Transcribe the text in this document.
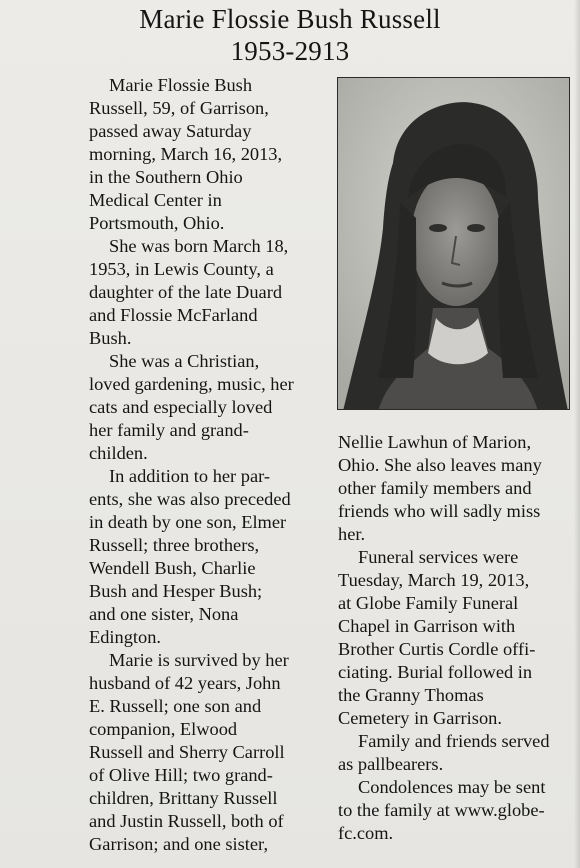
Marie Flossie Bush Russell
1953-2913
Marie Flossie Bush
Russell, 59, of Garrison,
passed away Saturday
morning, March 16, 2013,
in the Southern Ohio
Medical Center in
Portsmouth, Ohio.
She was born March 18,
1953, in Lewis County, a
daughter of the late Duard
and Flossie McFarland
Bush.
She was a Christian,
loved gardening, music, her
cats and especially loved
her family and grand-
childen.
In addition to her par-
ents, she was also preceded
in death by one son, Elmer
Russell; three brothers,
Wendell Bush, Charlie
Bush and Hesper Bush;
and one sister, Nona
Edington.
Marie is survived by her
husband of 42 years, John
E. Russell; one son and
companion, Elwood
Russell and Sherry Carroll
of Olive Hill; two grand-
children, Brittany Russell
and Justin Russell, both of
Garrison; and one sister,
Nellie Lawhun of Marion,
Ohio. She also leaves many
other family members and
friends who will sadly miss
her.
Funeral services were
Tuesday, March 19, 2013,
at Globe Family Funeral
Chapel in Garrison with
Brother Curtis Cordle offi-
ciating. Burial followed in
the Granny Thomas
Cemetery in Garrison.
Family and friends served
as pallbearers.
Condolences may be sent
to the family at www.globe-
fc.com.
